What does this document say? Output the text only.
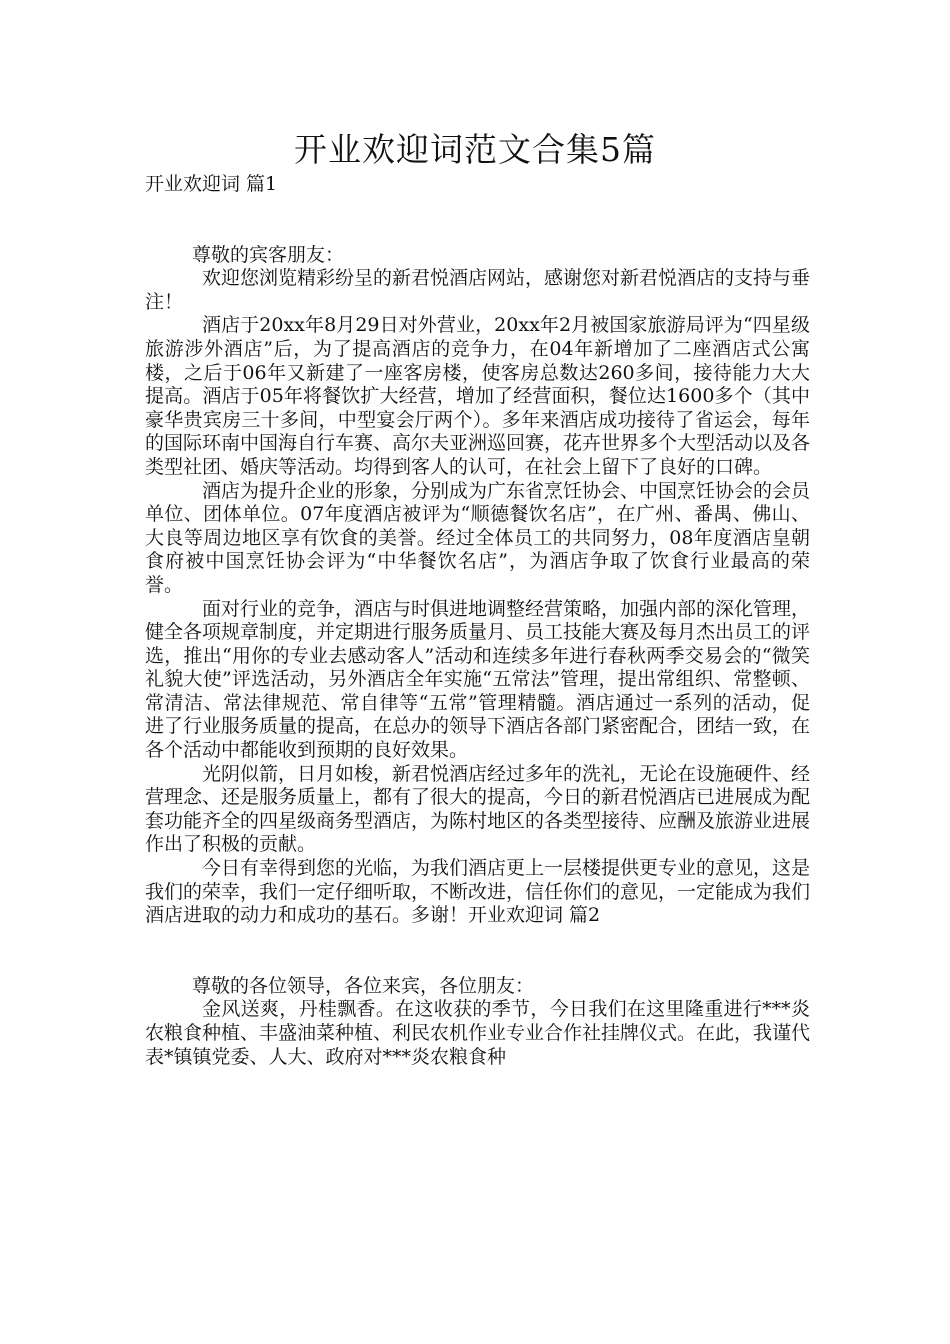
开业欢迎词范文合集5篇
开业欢迎词 篇1

尊敬的宾客朋友：

欢迎您浏览精彩纷呈的新君悦酒店网站，感谢您对新君悦酒店的支持与垂注！

酒店于20xx年8月29日对外营业，20xx年2月被国家旅游局评为“四星级旅游涉外酒店”后，为了提高酒店的竞争力，在04年新增加了二座酒店式公寓楼，之后于06年又新建了一座客房楼，使客房总数达260多间，接待能力大大提高。酒店于05年将餐饮扩大经营，增加了经营面积，餐位达1600多个（其中豪华贵宾房三十多间，中型宴会厅两个）。多年来酒店成功接待了省运会，每年的国际环南中国海自行车赛、高尔夫亚洲巡回赛，花卉世界多个大型活动以及各类型社团、婚庆等活动。均得到客人的认可，在社会上留下了良好的口碑。

酒店为提升企业的形象，分别成为广东省烹饪协会、中国烹饪协会的会员单位、团体单位。07年度酒店被评为“顺德餐饮名店”，在广州、番禺、佛山、大良等周边地区享有饮食的美誉。经过全体员工的共同努力，08年度酒店皇朝食府被中国烹饪协会评为“中华餐饮名店”，为酒店争取了饮食行业最高的荣誉。

面对行业的竞争，酒店与时俱进地调整经营策略，加强内部的深化管理，健全各项规章制度，并定期进行服务质量月、员工技能大赛及每月杰出员工的评选，推出“用你的专业去感动客人”活动和连续多年进行春秋两季交易会的“微笑礼貌大使”评选活动，另外酒店全年实施“五常法”管理，提出常组织、常整顿、常清洁、常法律规范、常自律等“五常”管理精髓。酒店通过一系列的活动，促进了行业服务质量的提高，在总办的领导下酒店各部门紧密配合，团结一致，在各个活动中都能收到预期的良好效果。

光阴似箭，日月如梭，新君悦酒店经过多年的洗礼，无论在设施硬件、经营理念、还是服务质量上，都有了很大的提高，今日的新君悦酒店已进展成为配套功能齐全的四星级商务型酒店，为陈村地区的各类型接待、应酬及旅游业进展作出了积极的贡献。

今日有幸得到您的光临，为我们酒店更上一层楼提供更专业的意见，这是我们的荣幸，我们一定仔细听取，不断改进，信任你们的意见，一定能成为我们酒店进取的动力和成功的基石。多谢！开业欢迎词 篇2

尊敬的各位领导，各位来宾，各位朋友：

金风送爽，丹桂飘香。在这收获的季节，今日我们在这里隆重进行***炎农粮食种植、丰盛油菜种植、利民农机作业专业合作社挂牌仪式。在此，我谨代表*镇镇党委、人大、政府对***炎农粮食种
